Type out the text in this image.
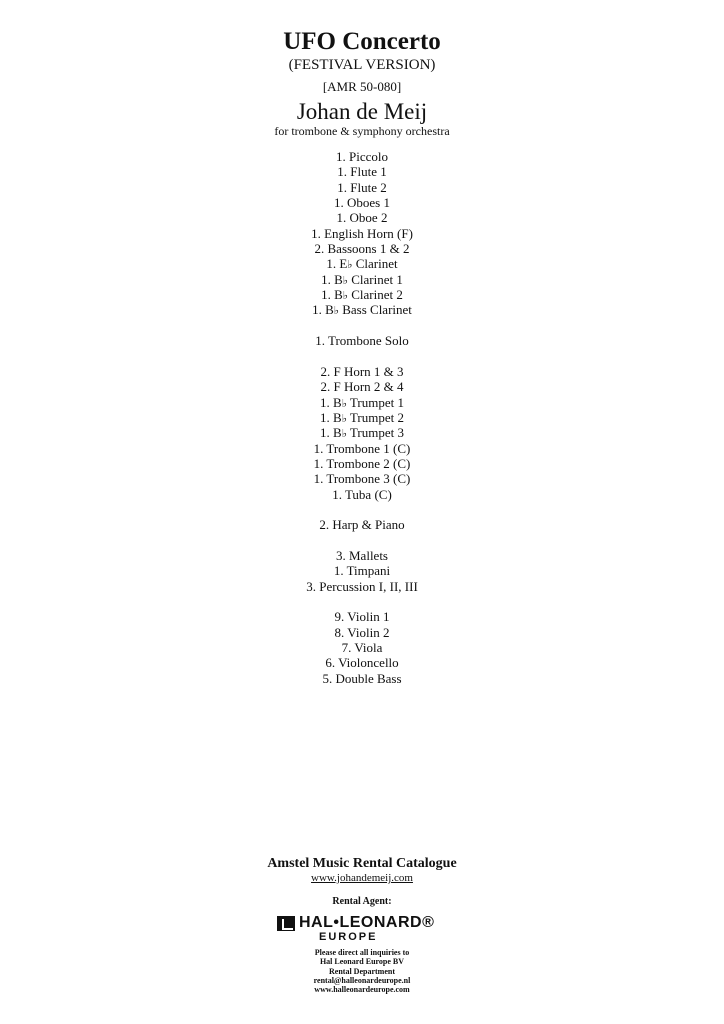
UFO Concerto
(FESTIVAL VERSION)
[AMR 50-080]
Johan de Meij
for trombone & symphony orchestra
1. Piccolo
1. Flute 1
1. Flute 2
1. Oboes 1
1. Oboe 2
1. English Horn (F)
2. Bassoons 1 & 2
1. E♭ Clarinet
1. B♭ Clarinet 1
1. B♭ Clarinet 2
1. B♭ Bass Clarinet
1. Trombone Solo
2. F Horn 1 & 3
2. F Horn 2 & 4
1. B♭ Trumpet 1
1. B♭ Trumpet 2
1. B♭ Trumpet 3
1. Trombone 1 (C)
1. Trombone 2 (C)
1. Trombone 3 (C)
1. Tuba (C)
2. Harp & Piano
3. Mallets
1. Timpani
3. Percussion I, II, III
9. Violin 1
8. Violin 2
7. Viola
6. Violoncello
5. Double Bass
Amstel Music Rental Catalogue
www.johandemeij.com
Rental Agent:
HAL•LEONARD®
EUROPE
Please direct all inquiries to
Hal Leonard Europe BV
Rental Department
rental@halleonardeurope.nl
www.halleonardeurope.com
